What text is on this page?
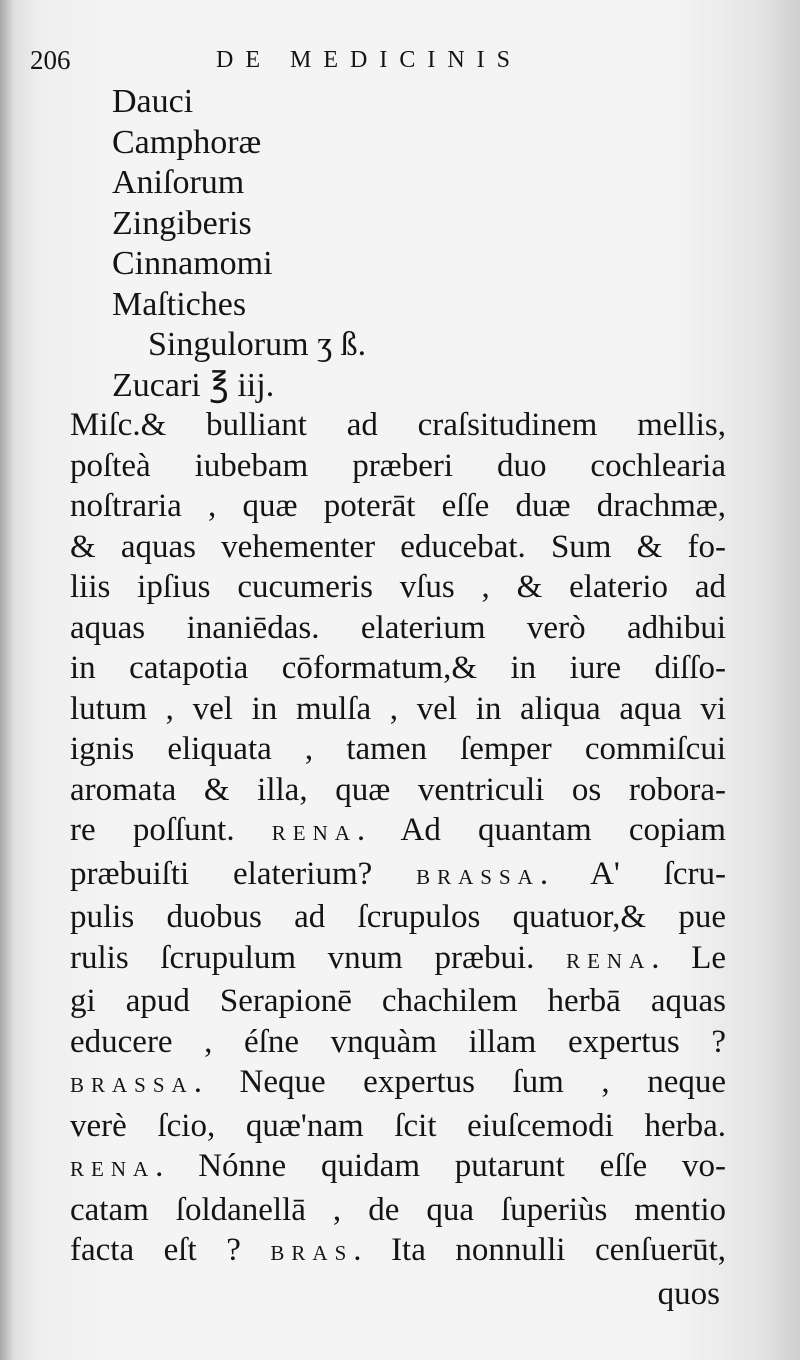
206	DE MEDICINIS
Dauci
Camphoræ
Aniſorum
Zingiberis
Cinnamomi
Maſtiches
Singulorum ʒ ß.
Zucari ℥ iij.
Miſc.& bulliant ad craſsitudinem mellis,
poſteà iubebam præberi duo cochlearia
noſtraria , quæ poterāt eſſe duæ drachmæ,
& aquas vehementer educebat. Sum & fo-
liis ipſius cucumeris vſus , & elaterio ad
aquas inaniēdas. elaterium verò adhibui
in catapotia cōformatum,& in iure diſſo-
lutum , vel in mulſa , vel in aliqua aqua vi
ignis eliquata , tamen ſemper commiſcui
aromata & illa, quæ ventriculi os robora-
re poſſunt. RENA. Ad quantam copiam
præbuiſti elaterium? BRASSA. A' ſcru-
pulis duobus ad ſcrupulos quatuor,& pue
rulis ſcrupulum vnum præbui. RENA. Le
gi apud Serapionē chachilem herbā aquas
educere , éſne vnquàm illam expertus ?
BRASSA. Neque expertus ſum , neque
verè ſcio, quæ'nam ſcit eiuſcemodi herba.
RENA. Nónne quidam putarunt eſſe vo-
catam ſoldanellā , de qua ſuperiùs mentio
facta eſt ? BRAS. Ita nonnulli cenſuerūt,
quos
